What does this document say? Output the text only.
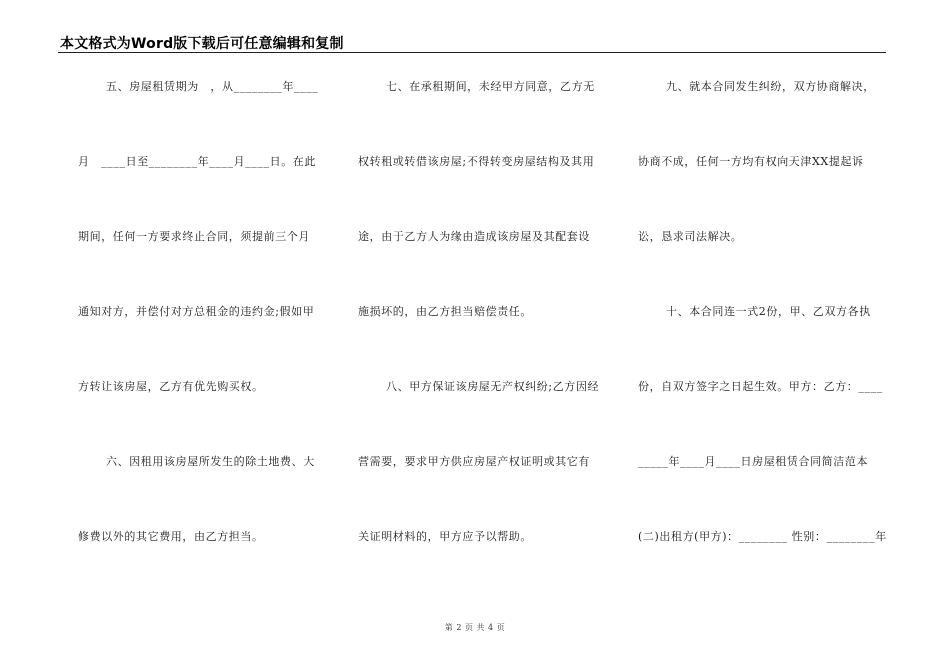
本文格式为Word版下载后可任意编辑和复制
五、房屋租赁期为　，从________年____
月　____日至________年____月____日。在此
期间，任何一方要求终止合同，须提前三个月
通知对方，并偿付对方总租金的违约金;假如甲
方转让该房屋，乙方有优先购买权。
六、因租用该房屋所发生的除土地费、大
修费以外的其它费用，由乙方担当。
七、在承租期间，未经甲方同意，乙方无
权转租或转借该房屋;不得转变房屋结构及其用
途，由于乙方人为缘由造成该房屋及其配套设
施损坏的，由乙方担当赔偿责任。
八、甲方保证该房屋无产权纠纷;乙方因经
营需要，要求甲方供应房屋产权证明或其它有
关证明材料的，甲方应予以帮助。
九、就本合同发生纠纷，双方协商解决，
协商不成，任何一方均有权向天津XX提起诉
讼，恳求司法解决。
十、本合同连一式2份，甲、乙双方各执
份，自双方签字之日起生效。甲方：乙方：____
_____年____月____日房屋租赁合同简洁范本
(二)出租方(甲方)：________ 性别：________年
第 2 页 共 4 页
